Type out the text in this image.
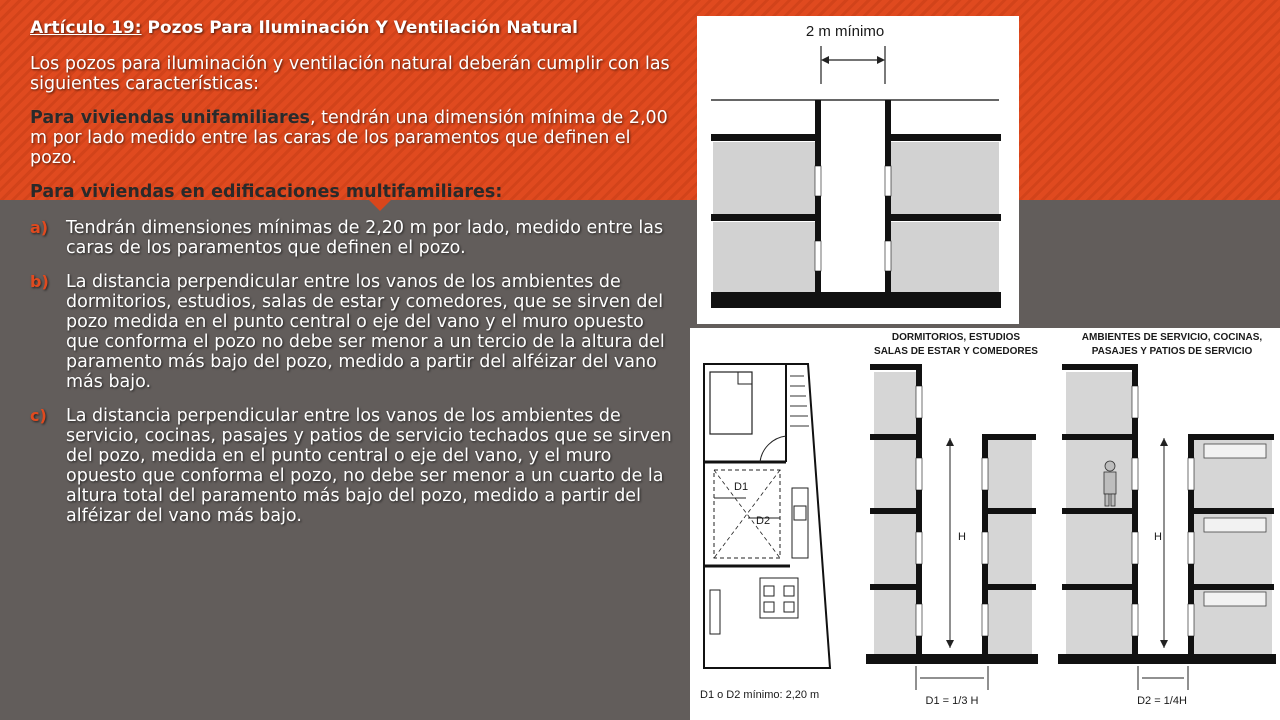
Artículo 19: Pozos Para Iluminación Y Ventilación Natural

Los pozos para iluminación y ventilación natural deberán cumplir con las siguientes características:

Para viviendas unifamiliares, tendrán una dimensión mínima de 2,00 m por lado medido entre las caras de los paramentos que definen el pozo.

Para viviendas en edificaciones multifamiliares:

a) Tendrán dimensiones mínimas de 2,20 m por lado, medido entre las caras de los paramentos que definen el pozo.
b) La distancia perpendicular entre los vanos de los ambientes de dormitorios, estudios, salas de estar y comedores, que se sirven del pozo medida en el punto central o eje del vano y el muro opuesto que conforma el pozo no debe ser menor a un tercio de la altura del paramento más bajo del pozo, medido a partir del alféizar del vano más bajo.
c) La distancia perpendicular entre los vanos de los ambientes de servicio, cocinas, pasajes y patios de servicio techados que se sirven del pozo, medida en el punto central o eje del vano, y el muro opuesto que conforma el pozo, no debe ser menor a un cuarto de la altura total del paramento más bajo del pozo, medido a partir del alféizar del vano más bajo.
2 m mínimo
D1
D2
D1 o D2 mínimo: 2,20 m
DORMITORIOS, ESTUDIOS
SALAS DE ESTAR Y COMEDORES
H
D1 = 1/3 H
AMBIENTES DE SERVICIO, COCINAS,
PASAJES Y PATIOS DE SERVICIO
H
D2 = 1/4H
